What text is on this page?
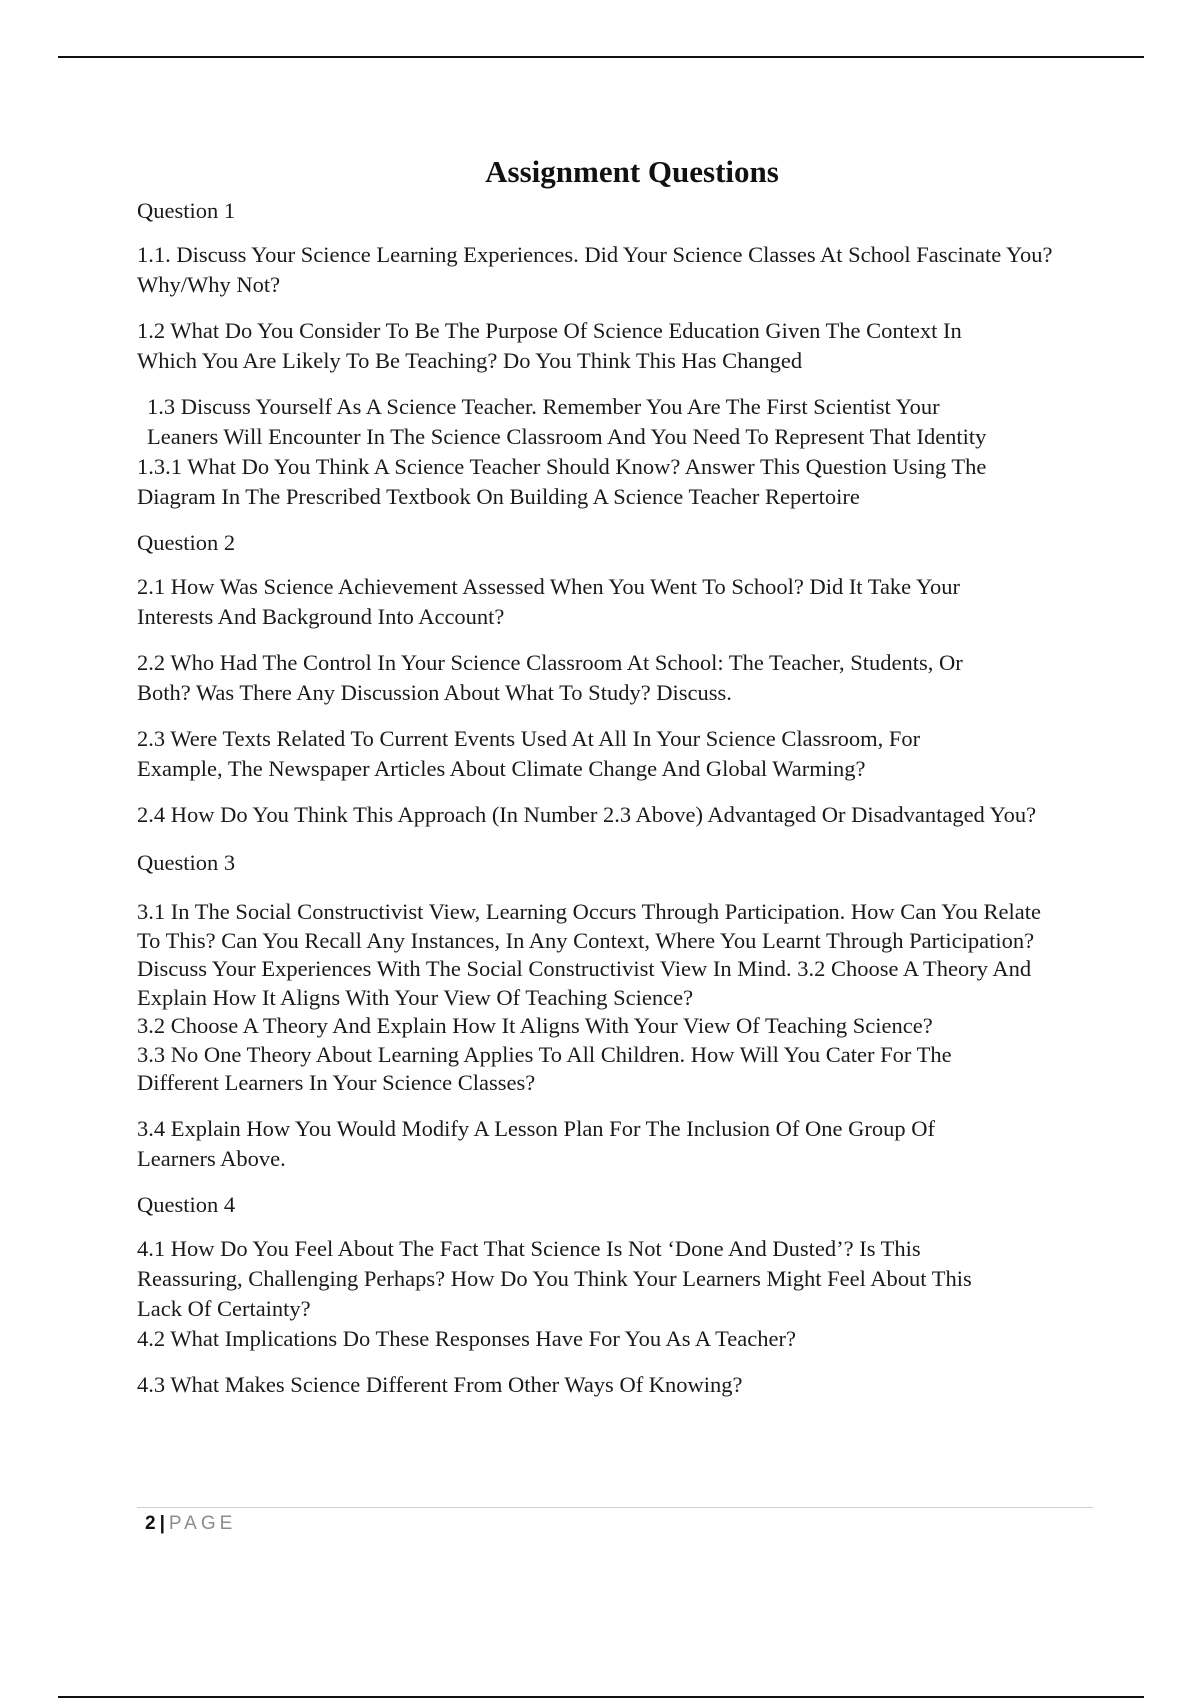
Assignment Questions
Question 1
1.1. Discuss Your Science Learning Experiences. Did Your Science Classes At School Fascinate You? Why/Why Not?
1.2 What Do You Consider To Be The Purpose Of Science Education Given The Context In Which You Are Likely To Be Teaching? Do You Think This Has Changed
1.3 Discuss Yourself As A Science Teacher. Remember You Are The First Scientist Your Leaners Will Encounter In The Science Classroom And You Need To Represent That Identity
1.3.1 What Do You Think A Science Teacher Should Know? Answer This Question Using The Diagram In The Prescribed Textbook On Building A Science Teacher Repertoire
Question 2
2.1 How Was Science Achievement Assessed When You Went To School? Did It Take Your Interests And Background Into Account?
2.2 Who Had The Control In Your Science Classroom At School: The Teacher, Students, Or Both? Was There Any Discussion About What To Study? Discuss.
2.3 Were Texts Related To Current Events Used At All In Your Science Classroom, For Example, The Newspaper Articles About Climate Change And Global Warming?
2.4 How Do You Think This Approach (In Number 2.3 Above) Advantaged Or Disadvantaged You?
Question 3
3.1 In The Social Constructivist View, Learning Occurs Through Participation. How Can You Relate To This? Can You Recall Any Instances, In Any Context, Where You Learnt Through Participation? Discuss Your Experiences With The Social Constructivist View In Mind. 3.2 Choose A Theory And Explain How It Aligns With Your View Of Teaching Science?
3.2 Choose A Theory And Explain How It Aligns With Your View Of Teaching Science?
3.3 No One Theory About Learning Applies To All Children. How Will You Cater For The Different Learners In Your Science Classes?
3.4 Explain How You Would Modify A Lesson Plan For The Inclusion Of One Group Of Learners Above.
Question 4
4.1 How Do You Feel About The Fact That Science Is Not ‘Done And Dusted’? Is This Reassuring, Challenging Perhaps? How Do You Think Your Learners Might Feel About This Lack Of Certainty?
4.2 What Implications Do These Responses Have For You As A Teacher?
4.3 What Makes Science Different From Other Ways Of Knowing?
2 | PAGE
